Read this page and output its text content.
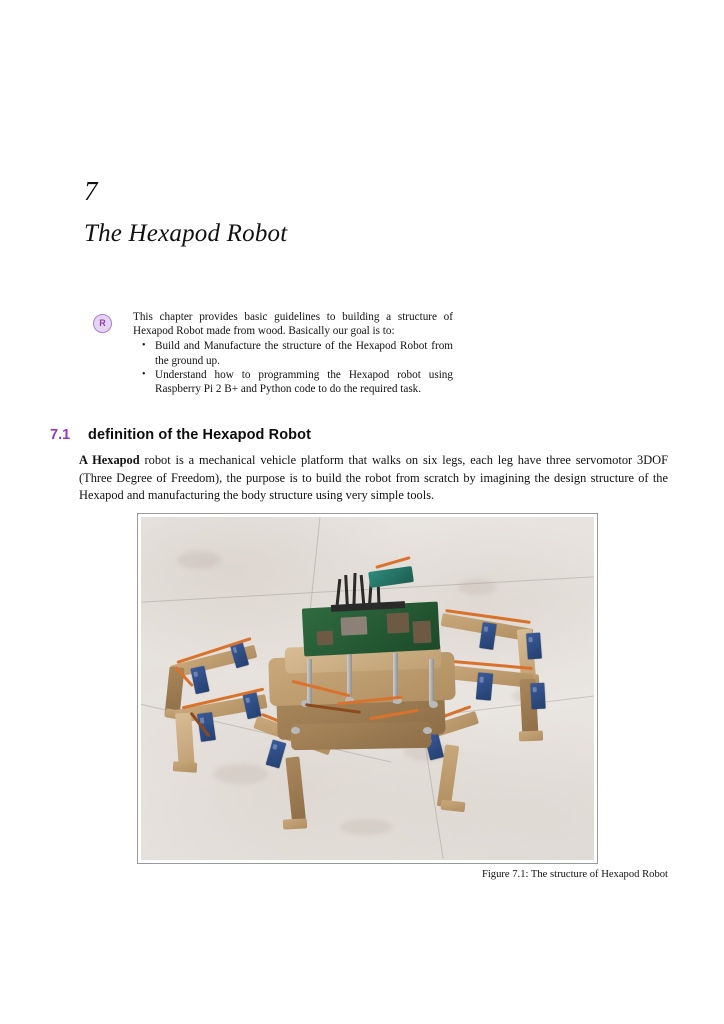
7
The Hexapod Robot
R This chapter provides basic guidelines to building a structure of Hexapod Robot made from wood. Basically our goal is to:

• Build and Manufacture the structure of the Hexapod Robot from the ground up.
• Understand how to programming the Hexapod robot using Raspberry Pi 2 B+ and Python code to do the required task.
7.1	definition of the Hexapod Robot

A Hexapod robot is a mechanical vehicle platform that walks on six legs, each leg have three servomotor 3DOF (Three Degree of Freedom), the purpose is to build the robot from scratch by imagining the design structure of the Hexapod and manufacturing the body structure using very simple tools.

Figure 7.1: The structure of Hexapod Robot
